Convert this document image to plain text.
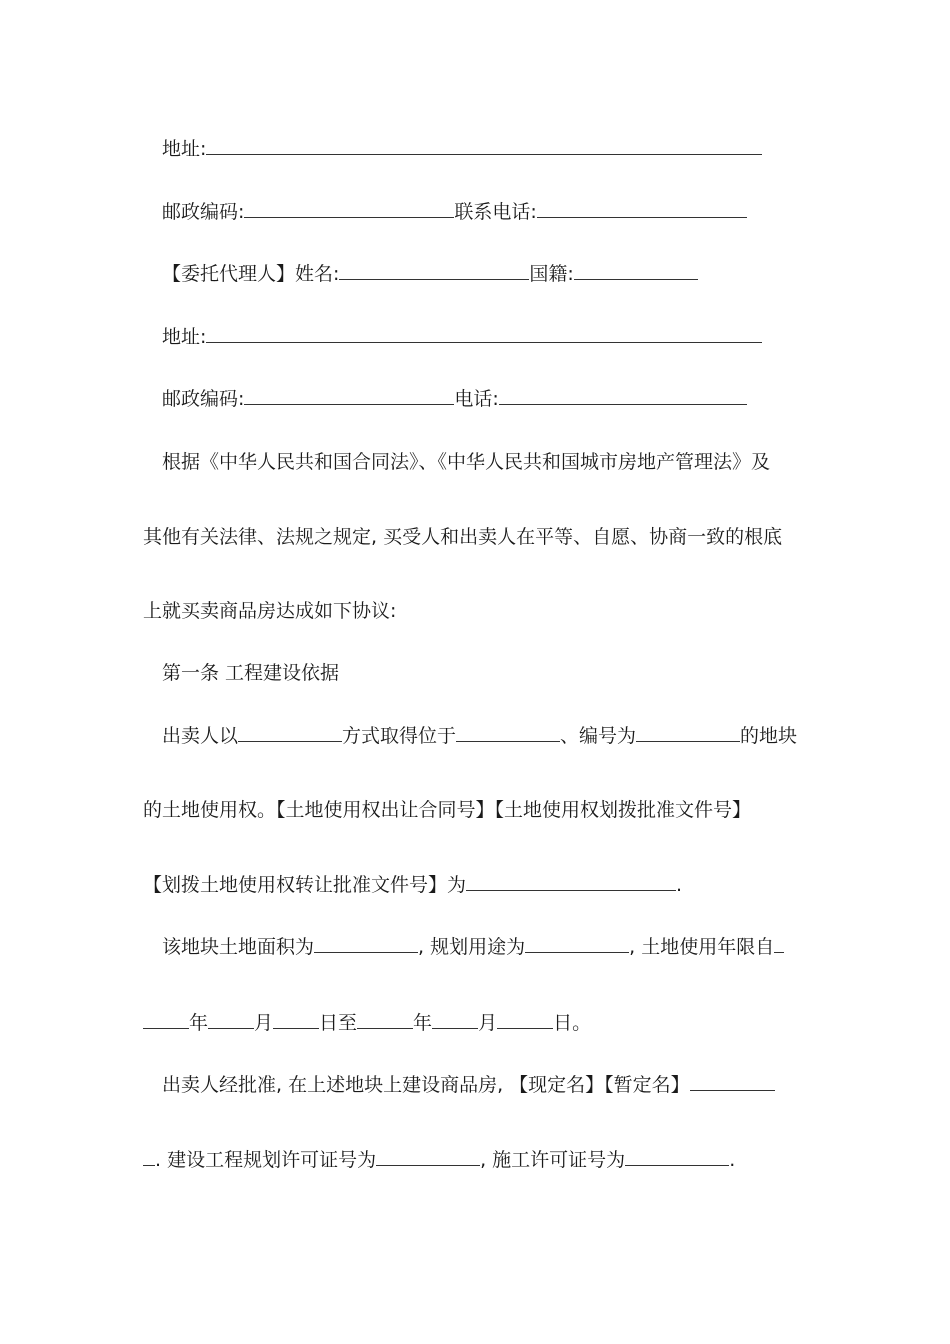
地址:
邮政编码:	联系电话:
【委托代理人】姓名:	国籍:
地址:
邮政编码:	电话:
根据《中华人民共和国合同法》、《中华人民共和国城市房地产管理法》及
其他有关法律、法规之规定, 买受人和出卖人在平等、自愿、协商一致的根底
上就买卖商品房达成如下协议:
第一条 工程建设依据
出卖人以	方式取得位于	、编号为	的地块
的土地使用权。【土地使用权出让合同号】【土地使用权划拨批准文件号】
【划拨土地使用权转让批准文件号】为	.
该地块土地面积为	, 规划用途为	, 土地使用年限自
年 月 日至	年 月	日。
出卖人经批准, 在上述地块上建设商品房, 【现定名】【暂定名】
. 建设工程规划许可证号为	, 施工许可证号为	.
